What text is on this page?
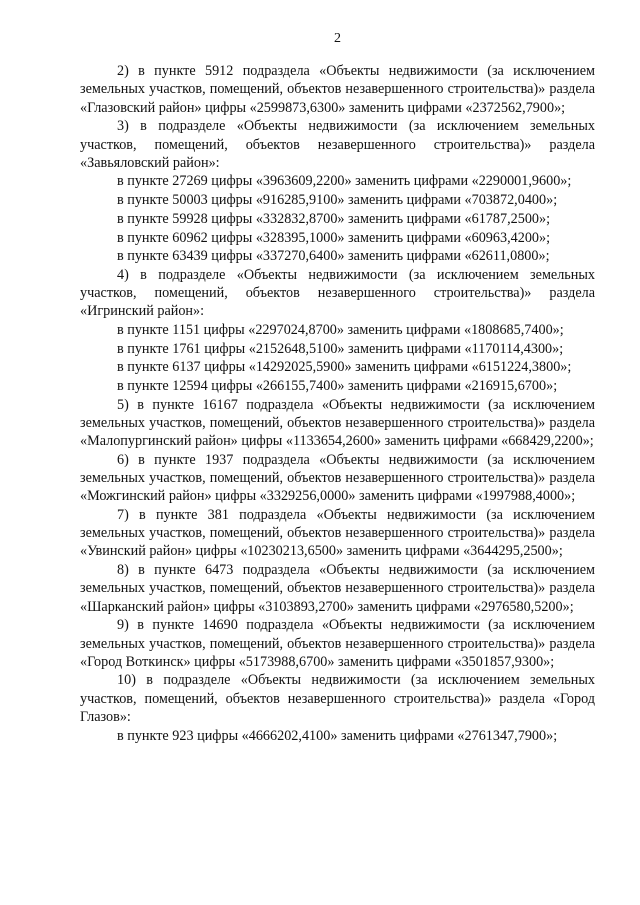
2

2) в пункте 5912 подраздела «Объекты недвижимости (за исключением земельных участков, помещений, объектов незавершенного строительства)» раздела «Глазовский район» цифры «2599873,6300» заменить цифрами «2372562,7900»;

3) в подразделе «Объекты недвижимости (за исключением земельных участков, помещений, объектов незавершенного строительства)» раздела «Завьяловский район»:

в пункте 27269 цифры «3963609,2200» заменить цифрами «2290001,9600»;

в пункте 50003 цифры «916285,9100» заменить цифрами «703872,0400»;

в пункте 59928 цифры «332832,8700» заменить цифрами «61787,2500»;

в пункте 60962 цифры «328395,1000» заменить цифрами «60963,4200»;

в пункте 63439 цифры «337270,6400» заменить цифрами «62611,0800»;

4) в подразделе «Объекты недвижимости (за исключением земельных участков, помещений, объектов незавершенного строительства)» раздела «Игринский район»:

в пункте 1151 цифры «2297024,8700» заменить цифрами «1808685,7400»;

в пункте 1761 цифры «2152648,5100» заменить цифрами «1170114,4300»;

в пункте 6137 цифры «14292025,5900» заменить цифрами «6151224,3800»;

в пункте 12594 цифры «266155,7400» заменить цифрами «216915,6700»;

5) в пункте 16167 подраздела «Объекты недвижимости (за исключением земельных участков, помещений, объектов незавершенного строительства)» раздела «Малопургинский район» цифры «1133654,2600» заменить цифрами «668429,2200»;

6) в пункте 1937 подраздела «Объекты недвижимости (за исключением земельных участков, помещений, объектов незавершенного строительства)» раздела «Можгинский район» цифры «3329256,0000» заменить цифрами «1997988,4000»;

7) в пункте 381 подраздела «Объекты недвижимости (за исключением земельных участков, помещений, объектов незавершенного строительства)» раздела «Увинский район» цифры «10230213,6500» заменить цифрами «3644295,2500»;

8) в пункте 6473 подраздела «Объекты недвижимости (за исключением земельных участков, помещений, объектов незавершенного строительства)» раздела «Шарканский район» цифры «3103893,2700» заменить цифрами «2976580,5200»;

9) в пункте 14690 подраздела «Объекты недвижимости (за исключением земельных участков, помещений, объектов незавершенного строительства)» раздела «Город Воткинск» цифры «5173988,6700» заменить цифрами «3501857,9300»;

10) в подразделе «Объекты недвижимости (за исключением земельных участков, помещений, объектов незавершенного строительства)» раздела «Город Глазов»:

в пункте 923 цифры «4666202,4100» заменить цифрами «2761347,7900»;
